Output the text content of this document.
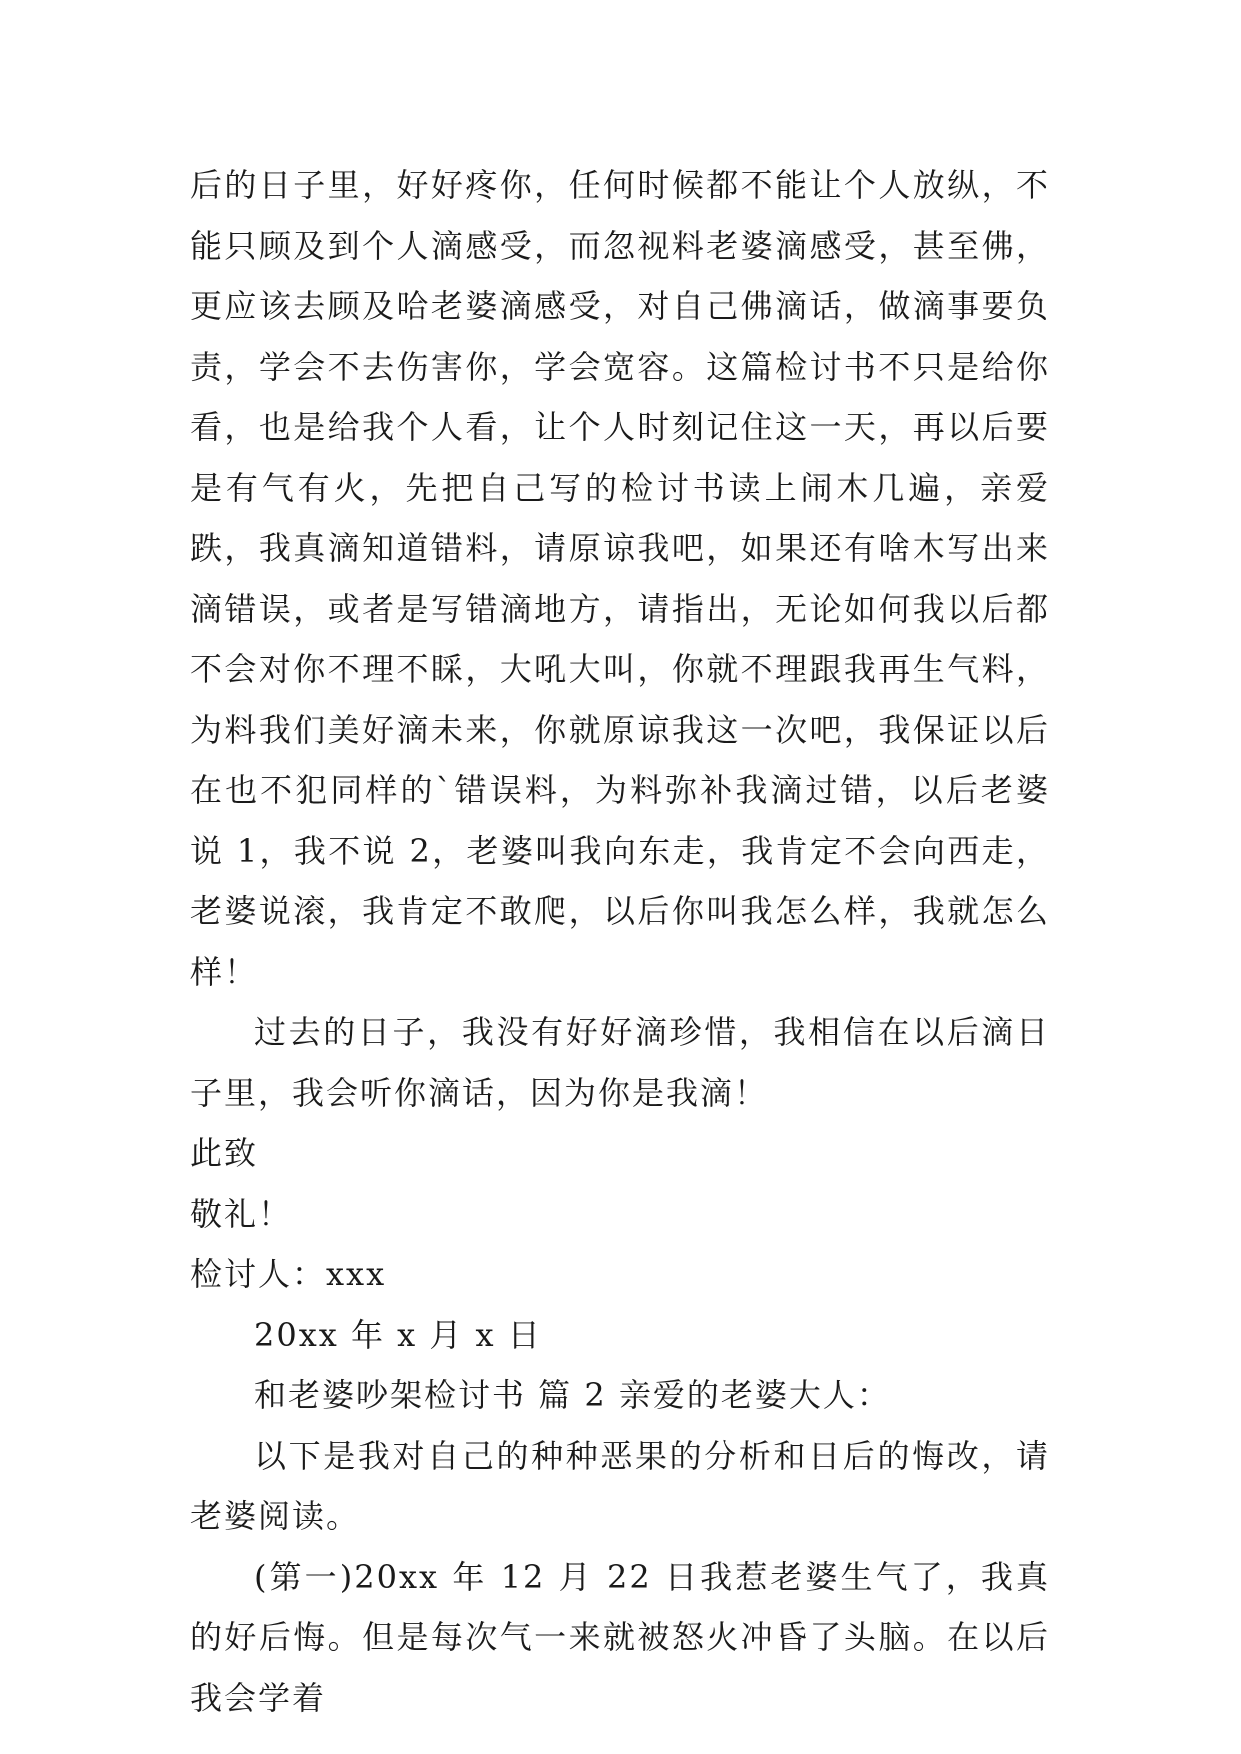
后的日子里，好好疼你，任何时候都不能让个人放纵，不能只顾及到个人滴感受，而忽视料老婆滴感受，甚至佛，更应该去顾及哈老婆滴感受，对自己佛滴话，做滴事要负责，学会不去伤害你，学会宽容。这篇检讨书不只是给你看，也是给我个人看，让个人时刻记住这一天，再以后要是有气有火，先把自己写的检讨书读上闹木几遍，亲爱跌，我真滴知道错料，请原谅我吧，如果还有啥木写出来滴错误，或者是写错滴地方，请指出，无论如何我以后都不会对你不理不睬，大吼大叫，你就不理跟我再生气料，为料我们美好滴未来，你就原谅我这一次吧，我保证以后在也不犯同样的`错误料，为料弥补我滴过错，以后老婆说 1，我不说 2，老婆叫我向东走，我肯定不会向西走，老婆说滚，我肯定不敢爬，以后你叫我怎么样，我就怎么样！

过去的日子，我没有好好滴珍惜，我相信在以后滴日子里，我会听你滴话，因为你是我滴！

此致

敬礼！

检讨人：xxx

20xx 年 x 月 x 日

和老婆吵架检讨书 篇 2 亲爱的老婆大人：

以下是我对自己的种种恶果的分析和日后的悔改，请老婆阅读。

(第一)20xx 年 12 月 22 日我惹老婆生气了，我真的好后悔。但是每次气一来就被怒火冲昏了头脑。在以后我会学着
